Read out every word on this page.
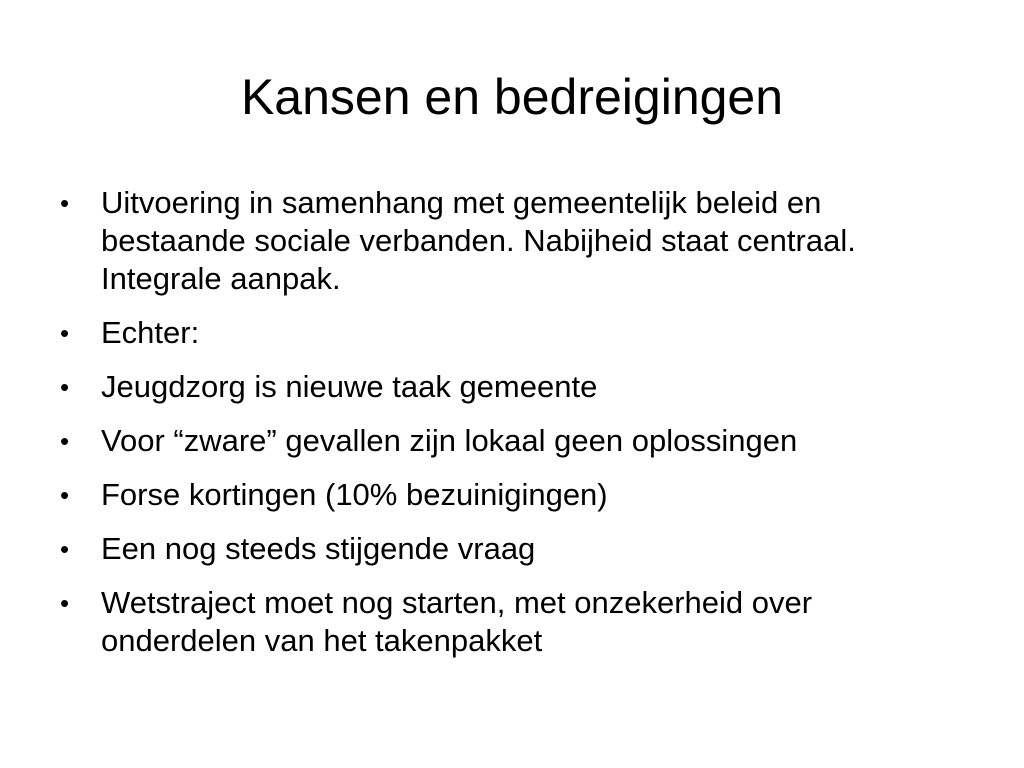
Kansen en bedreigingen
•	Uitvoering in samenhang met gemeentelijk beleid en bestaande sociale verbanden. Nabijheid staat centraal. Integrale aanpak.
•	Echter:
•	Jeugdzorg is nieuwe taak gemeente
•	Voor “zware” gevallen zijn lokaal geen oplossingen
•	Forse kortingen (10% bezuinigingen)
•	Een nog steeds stijgende vraag
•	Wetstraject moet nog starten, met onzekerheid over onderdelen van het takenpakket
